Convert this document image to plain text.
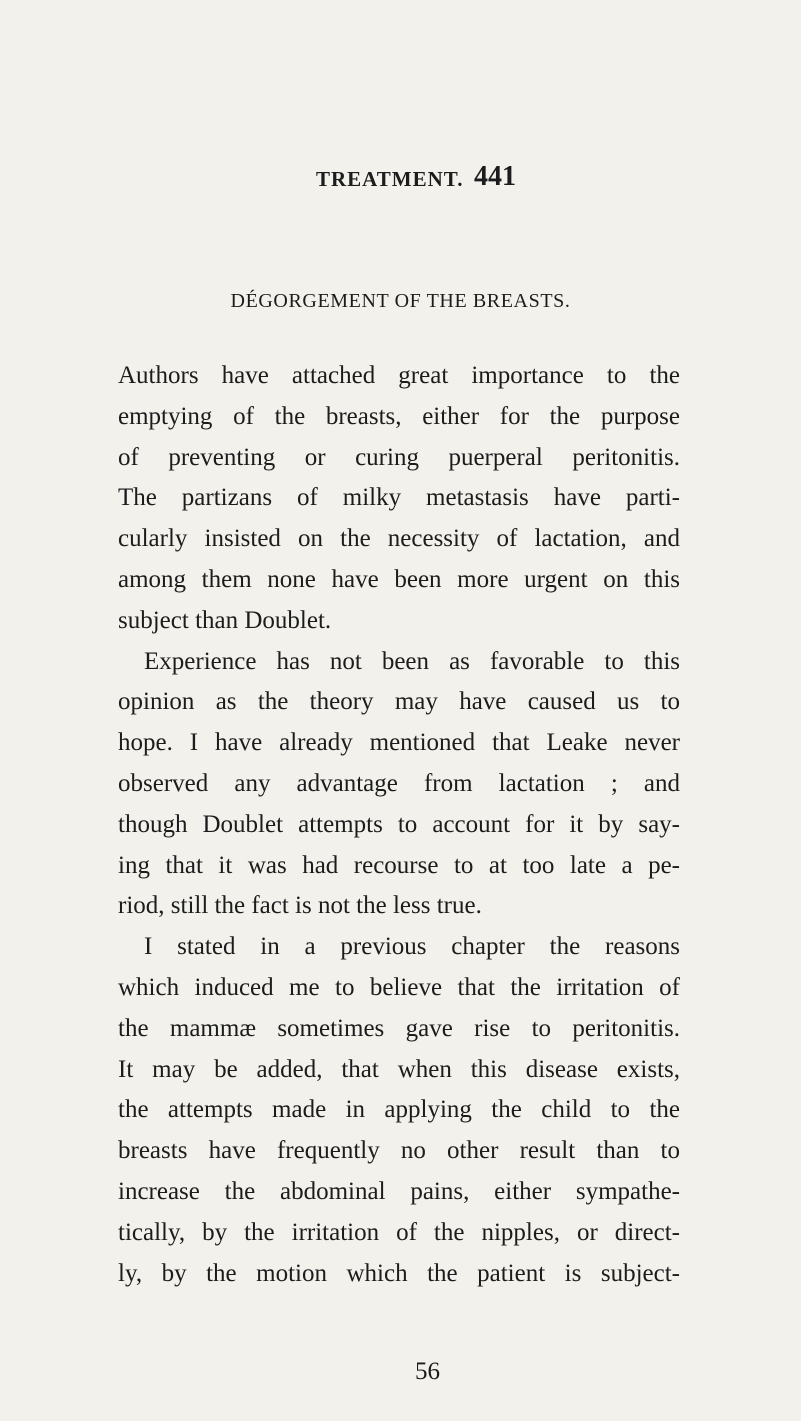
TREATMENT. 441
DÉGORGEMENT OF THE BREASTS.
Authors have attached great importance to the
emptying of the breasts, either for the purpose
of preventing or curing puerperal peritonitis.
The partizans of milky metastasis have parti-
cularly insisted on the necessity of lactation, and
among them none have been more urgent on this
subject than Doublet.
Experience has not been as favorable to this
opinion as the theory may have caused us to
hope. I have already mentioned that Leake never
observed any advantage from lactation ; and
though Doublet attempts to account for it by say-
ing that it was had recourse to at too late a pe-
riod, still the fact is not the less true.
I stated in a previous chapter the reasons
which induced me to believe that the irritation of
the mammæ sometimes gave rise to peritonitis.
It may be added, that when this disease exists,
the attempts made in applying the child to the
breasts have frequently no other result than to
increase the abdominal pains, either sympathe-
tically, by the irritation of the nipples, or direct-
ly, by the motion which the patient is subject-
56
